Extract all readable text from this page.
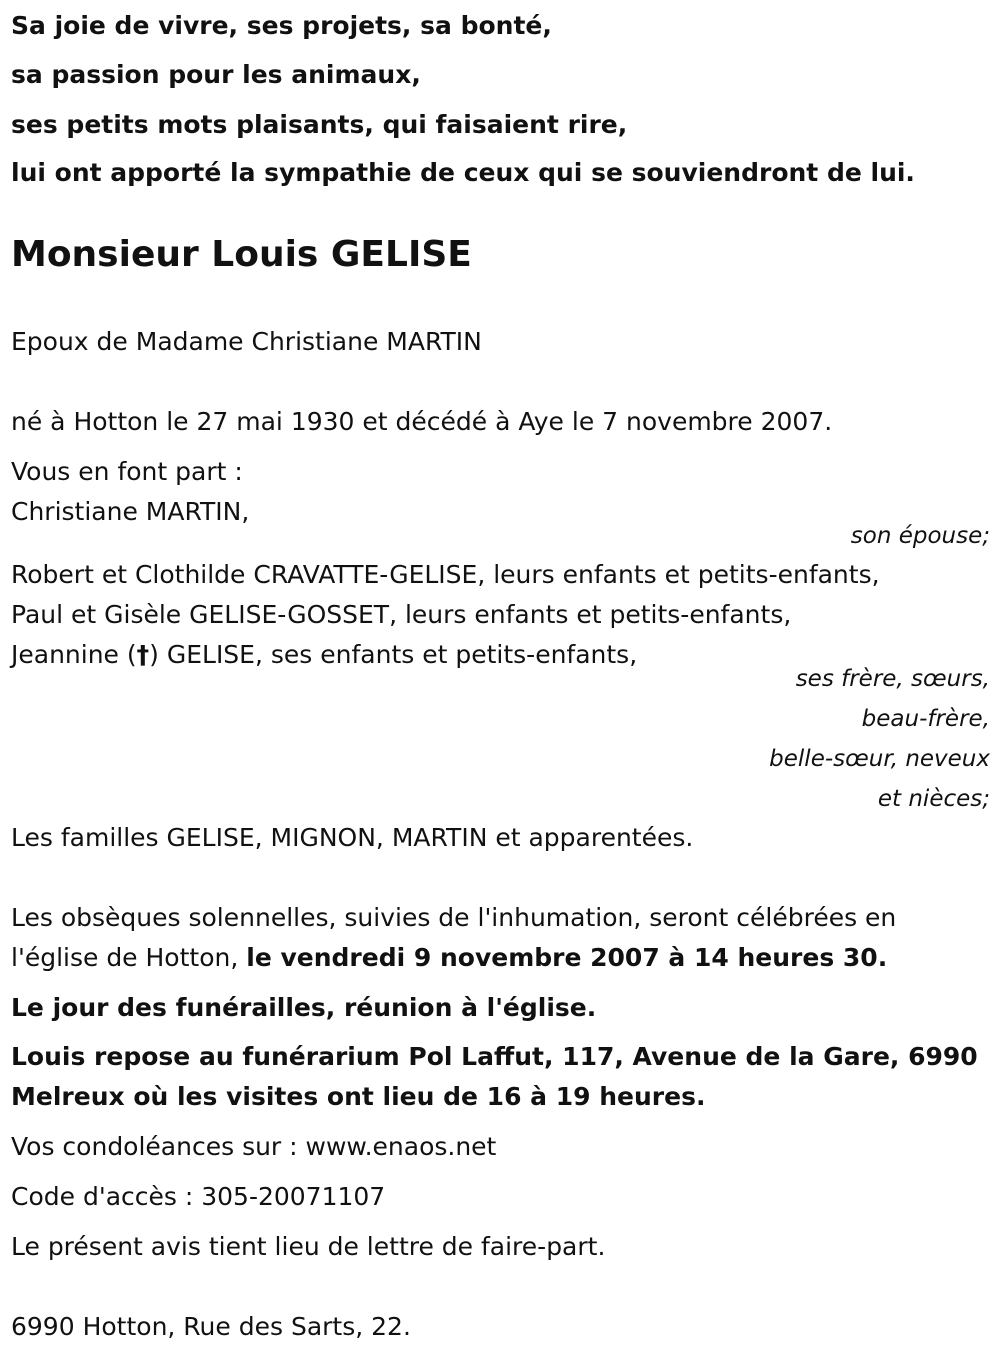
Sa joie de vivre, ses projets, sa bonté,
sa passion pour les animaux,
ses petits mots plaisants, qui faisaient rire,
lui ont apporté la sympathie de ceux qui se souviendront de lui.
Monsieur Louis GELISE
Epoux de Madame Christiane MARTIN
né à Hotton le 27 mai 1930 et décédé à Aye le 7 novembre 2007.
Vous en font part :
Christiane MARTIN,
son épouse;
Robert et Clothilde CRAVATTE-GELISE, leurs enfants et petits-enfants,
Paul et Gisèle GELISE-GOSSET, leurs enfants et petits-enfants,
Jeannine (†) GELISE, ses enfants et petits-enfants,
ses frère, sœurs,
beau-frère,
belle-sœur, neveux
et nièces;
Les familles GELISE, MIGNON, MARTIN et apparentées.
Les obsèques solennelles, suivies de l'inhumation, seront célébrées en
l'église de Hotton, le vendredi 9 novembre 2007 à 14 heures 30.
Le jour des funérailles, réunion à l'église.
Louis repose au funérarium Pol Laffut, 117, Avenue de la Gare, 6990
Melreux où les visites ont lieu de 16 à 19 heures.
Vos condoléances sur : www.enaos.net
Code d'accès : 305-20071107
Le présent avis tient lieu de lettre de faire-part.
6990 Hotton, Rue des Sarts, 22.
